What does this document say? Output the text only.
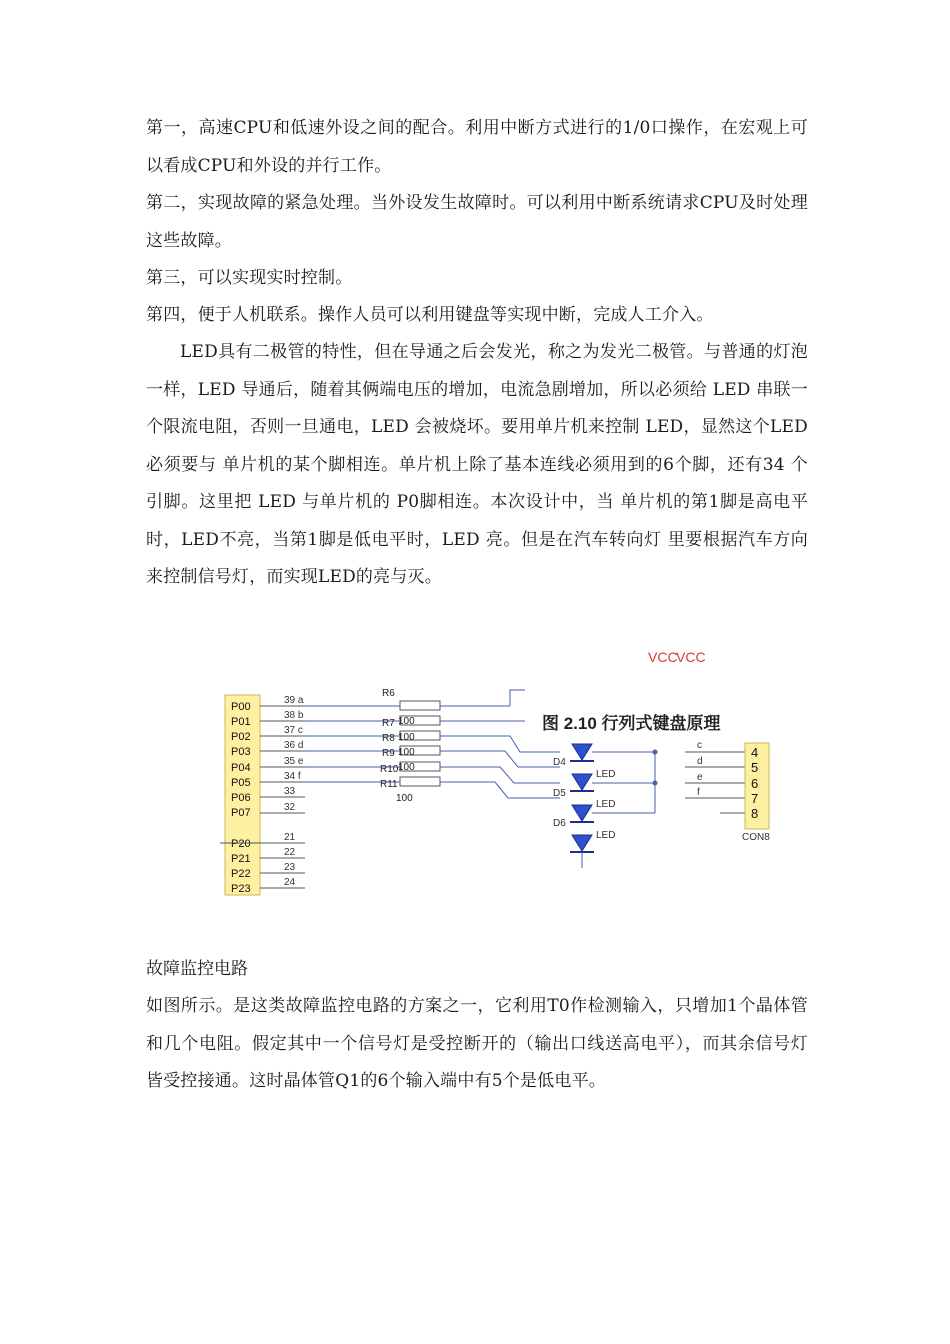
第一，高速CPU和低速外设之间的配合。利用中断方式进行的1/0口操作，在宏观上可以看成CPU和外设的并行工作。

第二，实现故障的紧急处理。当外设发生故障时。可以利用中断系统请求CPU及时处理这些故障。

第三，可以实现实时控制。

第四，便于人机联系。操作人员可以利用键盘等实现中断，完成人工介入。

LED具有二极管的特性，但在导通之后会发光，称之为发光二极管。与普通的灯泡一样，LED 导通后，随着其俩端电压的增加，电流急剧增加，所以必须给 LED 串联一个限流电阻，否则一旦通电，LED 会被烧坏。要用单片机来控制 LED，显然这个LED必须要与 单片机的某个脚相连。单片机上除了基本连线必须用到的6个脚，还有34 个引脚。这里把 LED 与单片机的 P0脚相连。本次设计中，当 单片机的第1脚是高电平时，LED不亮，当第1脚是低电平时，LED 亮。但是在汽车转向灯 里要根据汽车方向来控制信号灯，而实现LED的亮与灭。

VCC
VCC
P00
P01
P02
P03
P04
P05
P06
P07
P20
P21
P22
P23
39 a
38 b
37 c
36 d
35 e
34 f
33
32
21
22
23
24
R6
R7
R8
R9
R10
R11
100
100
100
100
100
图 2.10 行列式键盘原理
D4
D5
D6
LED
LED
LED
c
d
e
f
4
5
6
7
8
CON8

故障监控电路

如图所示。是这类故障监控电路的方案之一，它利用T0作检测输入，只增加1个晶体管和几个电阻。假定其中一个信号灯是受控断开的（输出口线送高电平），而其余信号灯皆受控接通。这时晶体管Q1的6个输入端中有5个是低电平。
